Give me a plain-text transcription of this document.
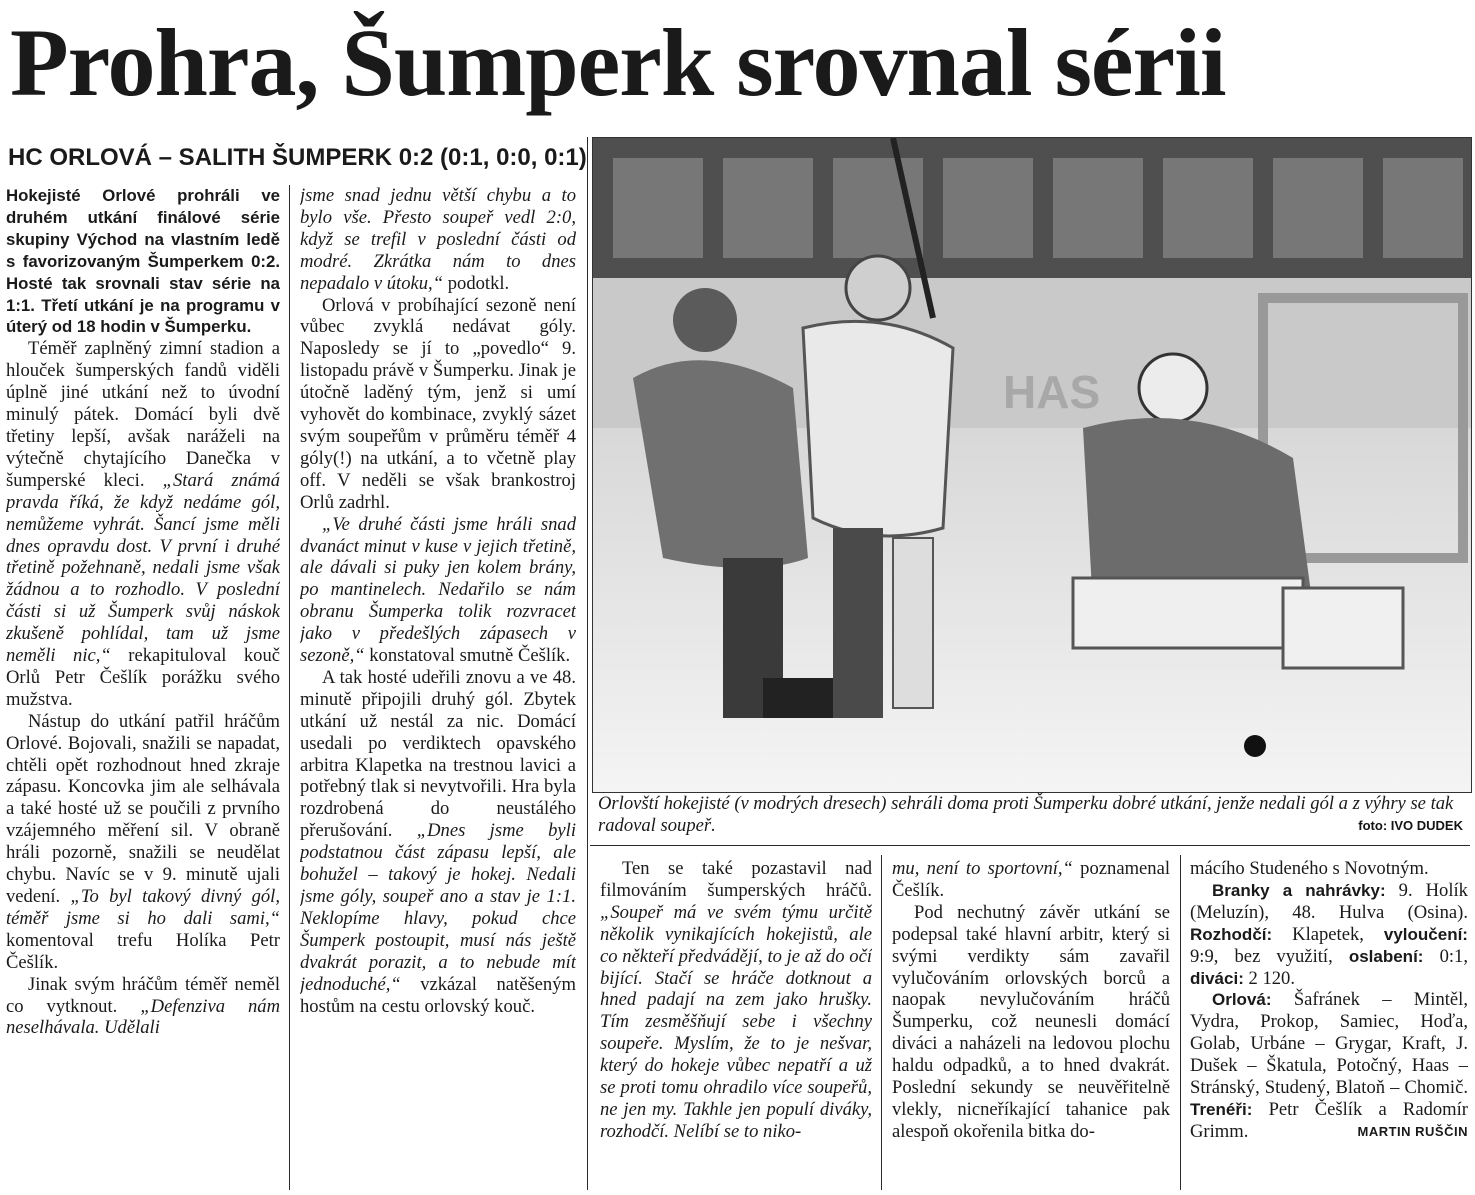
Prohra, Šumperk srovnal sérii
HC ORLOVÁ – SALITH ŠUMPERK 0:2 (0:1, 0:0, 0:1)

Hokejisté Orlové prohráli ve druhém utkání finálové série skupiny Východ na vlastním ledě s favorizovaným Šumperkem 0:2. Hosté tak srovnali stav série na 1:1. Třetí utkání je na programu v úterý od 18 hodin v Šumperku.

Téměř zaplněný zimní stadion a hlouček šumperských fandů viděli úplně jiné utkání než to úvodní minulý pátek. Domácí byli dvě třetiny lepší, avšak naráželi na výtečně chytajícího Danečka v šumperské kleci. „Stará známá pravda říká, že když nedáme gól, nemůžeme vyhrát. Šancí jsme měli dnes opravdu dost. V první i druhé třetině požehnaně, nedali jsme však žádnou a to rozhodlo. V poslední části si už Šumperk svůj náskok zkušeně pohlídal, tam už jsme neměli nic,“ rekapituloval kouč Orlů Petr Češlík porážku svého mužstva.

Nástup do utkání patřil hráčům Orlové. Bojovali, snažili se napadat, chtěli opět rozhodnout hned zkraje zápasu. Koncovka jim ale selhávala a také hosté už se poučili z prvního vzájemného měření sil. V obraně hráli pozorně, snažili se neudělat chybu. Navíc se v 9. minutě ujali vedení. „To byl takový divný gól, téměř jsme si ho dali sami,“ komentoval trefu Holíka Petr Češlík.

Jinak svým hráčům téměř neměl co vytknout. „Defenziva nám neselhávala. Udělali

jsme snad jednu větší chybu a to bylo vše. Přesto soupeř vedl 2:0, když se trefil v poslední části od modré. Zkrátka nám to dnes nepadalo v útoku,“ podotkl.

Orlová v probíhající sezoně není vůbec zvyklá nedávat góly. Naposledy se jí to „povedlo“ 9. listopadu právě v Šumperku. Jinak je útočně laděný tým, jenž si umí vyhovět do kombinace, zvyklý sázet svým soupeřům v průměru téměř 4 góly(!) na utkání, a to včetně play off. V neděli se však brankostroj Orlů zadrhl.

„Ve druhé části jsme hráli snad dvanáct minut v kuse v jejich třetině, ale dávali si puky jen kolem brány, po mantinelech. Nedařilo se nám obranu Šumperka tolik rozvracet jako v předešlých zápasech v sezoně,“ konstatoval smutně Češlík.

A tak hosté udeřili znovu a ve 48. minutě připojili druhý gól. Zbytek utkání už nestál za nic. Domácí usedali po verdiktech opavského arbitra Klapetka na trestnou lavici a potřebný tlak si nevytvořili. Hra byla rozdrobená do neustálého přerušování. „Dnes jsme byli podstatnou část zápasu lepší, ale bohužel – takový je hokej. Nedali jsme góly, soupeř ano a stav je 1:1. Neklopíme hlavy, pokud chce Šumperk postoupit, musí nás ještě dvakrát porazit, a to nebude mít jednoduché,“ vzkázal natěšeným hostům na cestu orlovský kouč.

HAS
Orlovští hokejisté (v modrých dresech) sehráli doma proti Šumperku dobré utkání, jenže nedali gól a z výhry se tak radoval soupeř.	foto: IVO DUDEK

Ten se také pozastavil nad filmováním šumperských hráčů. „Soupeř má ve svém týmu určitě několik vynikajících hokejistů, ale co někteří předvádějí, to je až do očí bijící. Stačí se hráče dotknout a hned padají na zem jako hrušky. Tím zesměšňují sebe i všechny soupeře. Myslím, že to je nešvar, který do hokeje vůbec nepatří a už se proti tomu ohradilo více soupeřů, ne jen my. Takhle jen populí diváky, rozhodčí. Nelíbí se to niko-

mu, není to sportovní,“ poznamenal Češlík.

Pod nechutný závěr utkání se podepsal také hlavní arbitr, který si svými verdikty sám zavařil vylučováním orlovských borců a naopak nevylučováním hráčů Šumperku, což neunesli domácí diváci a naházeli na ledovou plochu haldu odpadků, a to hned dvakrát. Poslední sekundy se neuvěřitelně vlekly, nicneříkající tahanice pak alespoň okořenila bitka do-

mácího Studeného s Novotným.

Branky a nahrávky: 9. Holík (Meluzín), 48. Hulva (Osina). Rozhodčí: Klapetek, vyloučení: 9:9, bez využití, oslabení: 0:1, diváci: 2 120.

Orlová: Šafránek – Mintěl, Vydra, Prokop, Samiec, Hoďa, Golab, Urbáne – Grygar, Kraft, J. Dušek – Škatula, Potočný, Haas – Stránský, Studený, Blatoň – Chomič. Trenéři: Petr Češlík a Radomír Grimm.	MARTIN RUŠČIN
